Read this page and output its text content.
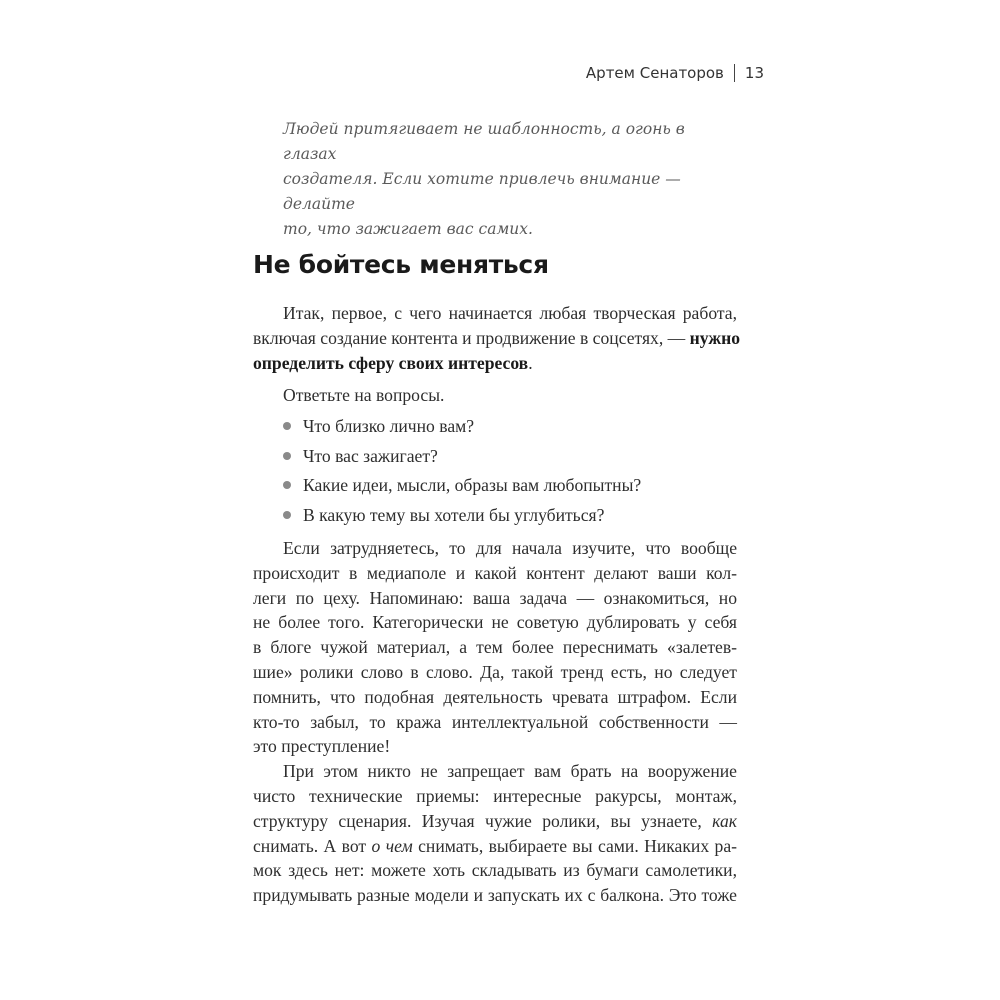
Артем Сенаторов 13
Людей притягивает не шаблонность, а огонь в глазах
создателя. Если хотите привлечь внимание — делайте
то, что зажигает вас самих.
Не бойтесь меняться
Итак, первое, с чего начинается любая творческая работа,
включая создание контента и продвижение в соцсетях, — нужно
определить сферу своих интересов.
Ответьте на вопросы.
Что близко лично вам?
Что вас зажигает?
Какие идеи, мысли, образы вам любопытны?
В какую тему вы хотели бы углубиться?
Если затрудняетесь, то для начала изучите, что вообще
происходит в медиаполе и какой контент делают ваши кол-
леги по цеху. Напоминаю: ваша задача — ознакомиться, но
не более того. Категорически не советую дублировать у себя
в блоге чужой материал, а тем более переснимать «залетев-
шие» ролики слово в слово. Да, такой тренд есть, но следует
помнить, что подобная деятельность чревата штрафом. Если
кто-то забыл, то кража интеллектуальной собственности —
это преступление!
При этом никто не запрещает вам брать на вооружение
чисто технические приемы: интересные ракурсы, монтаж,
структуру сценария. Изучая чужие ролики, вы узнаете, как
снимать. А вот о чем снимать, выбираете вы сами. Никаких ра-
мок здесь нет: можете хоть складывать из бумаги самолетики,
придумывать разные модели и запускать их с балкона. Это тоже
